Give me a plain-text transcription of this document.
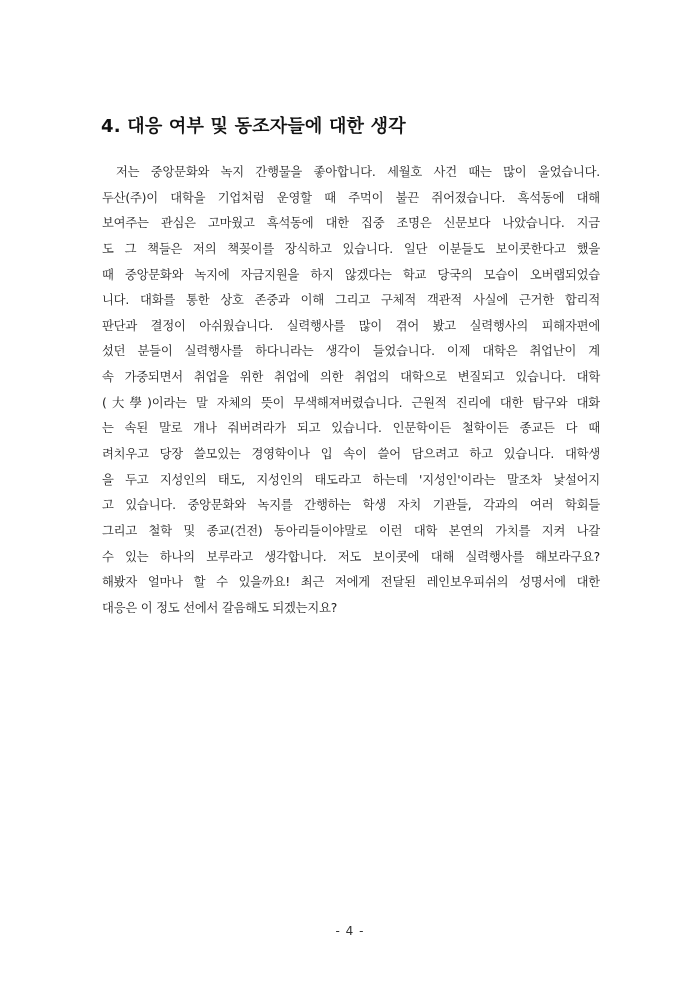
4. 대응 여부 및 동조자들에 대한 생각
저는 중앙문화와 녹지 간행물을 좋아합니다. 세월호 사건 때는 많이 울었습니다.
두산(주)이 대학을 기업처럼 운영할 때 주먹이 불끈 쥐어졌습니다. 흑석동에 대해
보여주는 관심은 고마웠고 흑석동에 대한 집중 조명은 신문보다 나았습니다. 지금
도 그 책들은 저의 책꽂이를 장식하고 있습니다. 일단 이분들도 보이콧한다고 했을
때 중앙문화와 녹지에 자금지원을 하지 않겠다는 학교 당국의 모습이 오버랩되었습
니다. 대화를 통한 상호 존중과 이해 그리고 구체적 객관적 사실에 근거한 합리적
판단과 결정이 아쉬웠습니다. 실력행사를 많이 겪어 봤고 실력행사의 피해자편에
섰던 분들이 실력행사를 하다니라는 생각이 들었습니다. 이제 대학은 취업난이 계
속 가중되면서 취업을 위한 취업에 의한 취업의 대학으로 변질되고 있습니다. 대학
(大學)이라는 말 자체의 뜻이 무색해져버렸습니다. 근원적 진리에 대한 탐구와 대화
는 속된 말로 개나 줘버려라가 되고 있습니다. 인문학이든 철학이든 종교든 다 때
려치우고 당장 쓸모있는 경영학이나 입 속이 쓸어 담으려고 하고 있습니다. 대학생
을 두고 지성인의 태도, 지성인의 태도라고 하는데 '지성인'이라는 말조차 낯설어지
고 있습니다. 중앙문화와 녹지를 간행하는 학생 자치 기관들, 각과의 여러 학회들
그리고 철학 및 종교(건전) 동아리들이야말로 이런 대학 본연의 가치를 지켜 나갈
수 있는 하나의 보루라고 생각합니다. 저도 보이콧에 대해 실력행사를 해보라구요?
해봤자 얼마나 할 수 있을까요! 최근 저에게 전달된 레인보우피쉬의 성명서에 대한
대응은 이 정도 선에서 갈음해도 되겠는지요?
- 4 -
